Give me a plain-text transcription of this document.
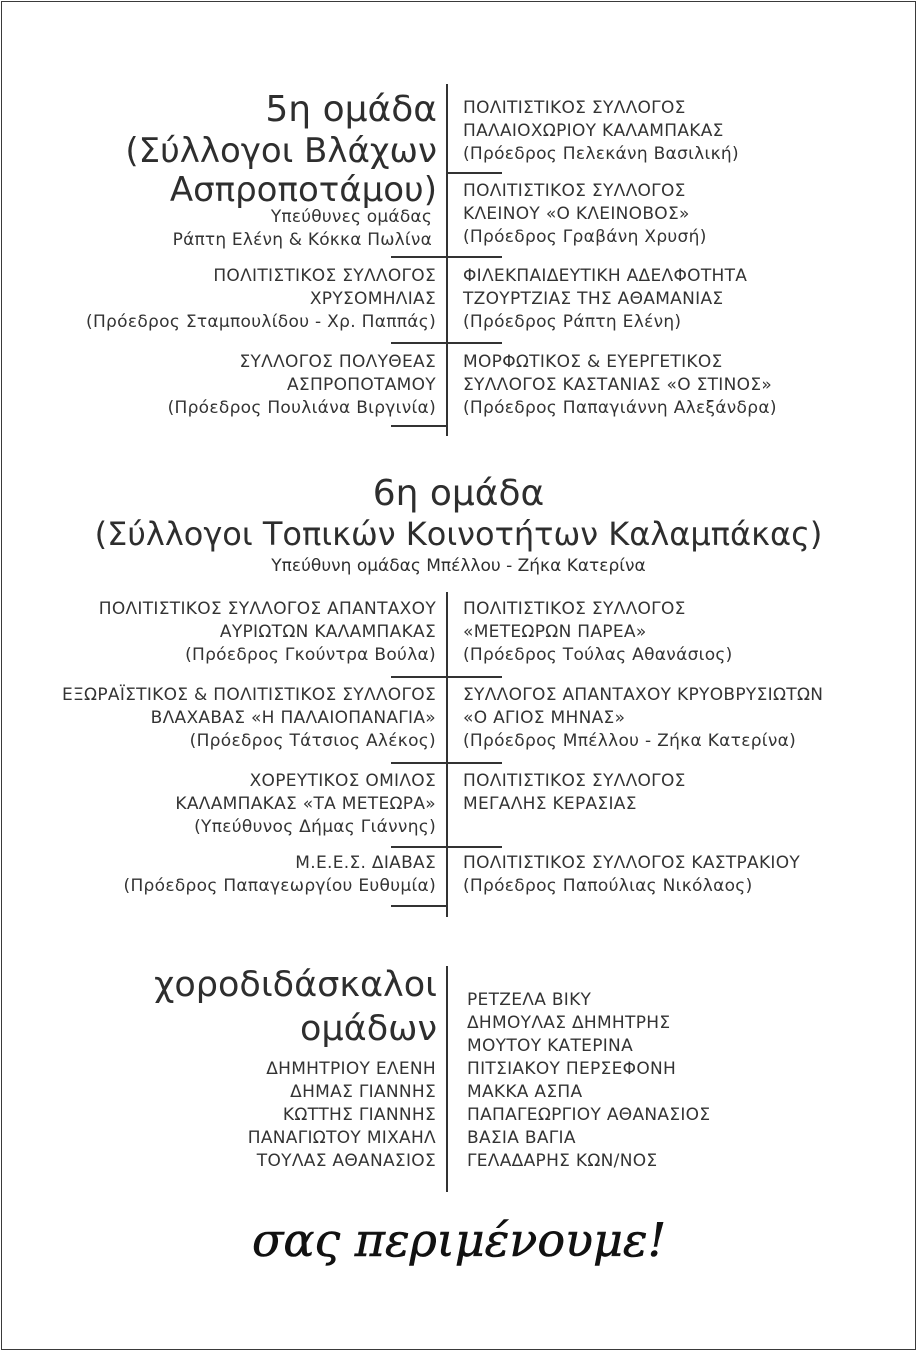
5η ομάδα
(Σύλλογοι Βλάχων
Ασπροποτάμου)
Υπεύθυνες ομάδας
Ράπτη Ελένη & Κόκκα Πωλίνα
ΠΟΛΙΤΙΣΤΙΚΟΣ ΣΥΛΛΟΓΟΣ
ΧΡΥΣΟΜΗΛΙΑΣ
(Πρόεδρος Σταμπουλίδου - Χρ. Παππάς)
ΣΥΛΛΟΓΟΣ ΠΟΛΥΘΕΑΣ
ΑΣΠΡΟΠΟΤΑΜΟΥ
(Πρόεδρος Πουλιάνα Βιργινία)
ΠΟΛΙΤΙΣΤΙΚΟΣ ΣΥΛΛΟΓΟΣ
ΠΑΛΑΙΟΧΩΡΙΟΥ ΚΑΛΑΜΠΑΚΑΣ
(Πρόεδρος Πελεκάνη Βασιλική)
ΠΟΛΙΤΙΣΤΙΚΟΣ ΣΥΛΛΟΓΟΣ
ΚΛΕΙΝΟΥ «Ο ΚΛΕΙΝΟΒΟΣ»
(Πρόεδρος Γραβάνη Χρυσή)
ΦΙΛΕΚΠΑΙΔΕΥΤΙΚΗ ΑΔΕΛΦΟΤΗΤΑ
ΤΖΟΥΡΤΖΙΑΣ ΤΗΣ ΑΘΑΜΑΝΙΑΣ
(Πρόεδρος Ράπτη Ελένη)
ΜΟΡΦΩΤΙΚΟΣ & ΕΥΕΡΓΕΤΙΚΟΣ
ΣΥΛΛΟΓΟΣ ΚΑΣΤΑΝΙΑΣ «Ο ΣΤΙΝΟΣ»
(Πρόεδρος Παπαγιάννη Αλεξάνδρα)
6η ομάδα
(Σύλλογοι Τοπικών Κοινοτήτων Καλαμπάκας)
Υπεύθυνη ομάδας Μπέλλου - Ζήκα Κατερίνα
ΠΟΛΙΤΙΣΤΙΚΟΣ ΣΥΛΛΟΓΟΣ ΑΠΑΝΤΑΧΟΥ
ΑΥΡΙΩΤΩΝ ΚΑΛΑΜΠΑΚΑΣ
(Πρόεδρος Γκούντρα Βούλα)
ΕΞΩΡΑΪΣΤΙΚΟΣ & ΠΟΛΙΤΙΣΤΙΚΟΣ ΣΥΛΛΟΓΟΣ
ΒΛΑΧΑΒΑΣ «Η ΠΑΛΑΙΟΠΑΝΑΓΙΑ»
(Πρόεδρος Τάτσιος Αλέκος)
ΧΟΡΕΥΤΙΚΟΣ ΟΜΙΛΟΣ
ΚΑΛΑΜΠΑΚΑΣ «ΤΑ ΜΕΤΕΩΡΑ»
(Υπεύθυνος Δήμας Γιάννης)
Μ.Ε.Ε.Σ. ΔΙΑΒΑΣ
(Πρόεδρος Παπαγεωργίου Ευθυμία)
ΠΟΛΙΤΙΣΤΙΚΟΣ ΣΥΛΛΟΓΟΣ
«ΜΕΤΕΩΡΩΝ ΠΑΡΕΑ»
(Πρόεδρος Τούλας Αθανάσιος)
ΣΥΛΛΟΓΟΣ ΑΠΑΝΤΑΧΟΥ ΚΡΥΟΒΡΥΣΙΩΤΩΝ
«Ο ΑΓΙΟΣ ΜΗΝΑΣ»
(Πρόεδρος Μπέλλου - Ζήκα Κατερίνα)
ΠΟΛΙΤΙΣΤΙΚΟΣ ΣΥΛΛΟΓΟΣ
ΜΕΓΑΛΗΣ ΚΕΡΑΣΙΑΣ
ΠΟΛΙΤΙΣΤΙΚΟΣ ΣΥΛΛΟΓΟΣ ΚΑΣΤΡΑΚΙΟΥ
(Πρόεδρος Παπούλιας Νικόλαος)
χοροδιδάσκαλοι
ομάδων
ΔΗΜΗΤΡΙΟΥ ΕΛΕΝΗ
ΔΗΜΑΣ ΓΙΑΝΝΗΣ
ΚΩΤΤΗΣ ΓΙΑΝΝΗΣ
ΠΑΝΑΓΙΩΤΟΥ ΜΙΧΑΗΛ
ΤΟΥΛΑΣ ΑΘΑΝΑΣΙΟΣ
ΡΕΤΖΕΛΑ ΒΙΚΥ
ΔΗΜΟΥΛΑΣ ΔΗΜΗΤΡΗΣ
ΜΟΥΤΟΥ ΚΑΤΕΡΙΝΑ
ΠΙΤΣΙΑΚΟΥ ΠΕΡΣΕΦΟΝΗ
ΜΑΚΚΑ ΑΣΠΑ
ΠΑΠΑΓΕΩΡΓΙΟΥ ΑΘΑΝΑΣΙΟΣ
ΒΑΣΙΑ ΒΑΓΙΑ
ΓΕΛΑΔΑΡΗΣ ΚΩΝ/ΝΟΣ
σας περιμένουμε!
